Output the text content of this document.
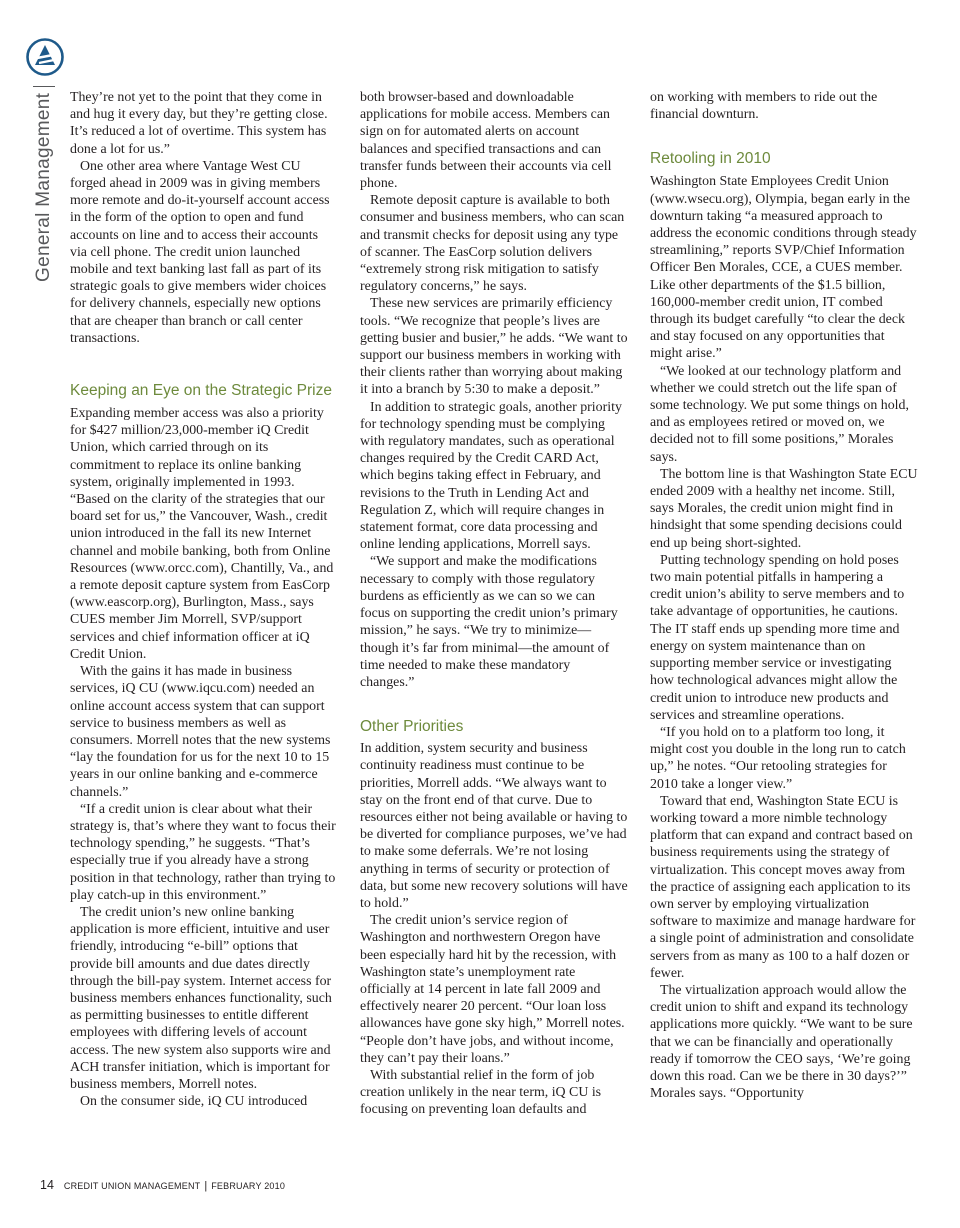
General Management They’re not yet to the point that they come in and hug it every day, but they’re getting close. It’s reduced a lot of overtime. This system has done a lot for us.”

One other area where Vantage West CU forged ahead in 2009 was in giving members more remote and do-it-yourself account access in the form of the option to open and fund accounts on line and to access their accounts via cell phone. The credit union launched mobile and text banking last fall as part of its strategic goals to give members wider choices for delivery channels, especially new options that are cheaper than branch or call center transactions.

Keeping an Eye on the Strategic Prize

Expanding member access was also a priority for $427 million/23,000-member iQ Credit Union, which carried through on its commitment to replace its online banking system, originally implemented in 1993. “Based on the clarity of the strategies that our board set for us,” the Vancouver, Wash., credit union introduced in the fall its new Internet channel and mobile banking, both from Online Resources (www.orcc.com), Chantilly, Va., and a remote deposit capture system from EasCorp (www.eascorp.org), Burlington, Mass., says CUES member Jim Morrell, SVP/support services and chief information officer at iQ Credit Union.

With the gains it has made in business services, iQ CU (www.iqcu.com) needed an online account access system that can support service to business members as well as consumers. Morrell notes that the new systems “lay the foundation for us for the next 10 to 15 years in our online banking and e-commerce channels.”

“If a credit union is clear about what their strategy is, that’s where they want to focus their technology spending,” he suggests. “That’s especially true if you already have a strong position in that technology, rather than trying to play catch-up in this environment.”

The credit union’s new online banking application is more efficient, intuitive and user friendly, introducing “e-bill” options that provide bill amounts and due dates directly through the bill-pay system. Internet access for business members enhances functionality, such as permitting businesses to entitle different employees with differing levels of account access. The new system also supports wire and ACH transfer initiation, which is important for business members, Morrell notes.

On the consumer side, iQ CU introduced

both browser-based and downloadable applications for mobile access. Members can sign on for automated alerts on account balances and specified transactions and can transfer funds between their accounts via cell phone.

Remote deposit capture is available to both consumer and business members, who can scan and transmit checks for deposit using any type of scanner. The EasCorp solution delivers “extremely strong risk mitigation to satisfy regulatory concerns,” he says.

These new services are primarily efficiency tools. “We recognize that people’s lives are getting busier and busier,” he adds. “We want to support our business members in working with their clients rather than worrying about making it into a branch by 5:30 to make a deposit.”

In addition to strategic goals, another priority for technology spending must be complying with regulatory mandates, such as operational changes required by the Credit CARD Act, which begins taking effect in February, and revisions to the Truth in Lending Act and Regulation Z, which will require changes in statement format, core data processing and online lending applications, Morrell says.

“We support and make the modifications necessary to comply with those regulatory burdens as efficiently as we can so we can focus on supporting the credit union’s primary mission,” he says. “We try to minimize—though it’s far from minimal—the amount of time needed to make these mandatory changes.”

Other Priorities

In addition, system security and business continuity readiness must continue to be priorities, Morrell adds. “We always want to stay on the front end of that curve. Due to resources either not being available or having to be diverted for compliance purposes, we’ve had to make some deferrals. We’re not losing anything in terms of security or protection of data, but some new recovery solutions will have to hold.”

The credit union’s service region of Washington and northwestern Oregon have been especially hard hit by the recession, with Washington state’s unemployment rate officially at 14 percent in late fall 2009 and effectively nearer 20 percent. “Our loan loss allowances have gone sky high,” Morrell notes. “People don’t have jobs, and without income, they can’t pay their loans.”

With substantial relief in the form of job creation unlikely in the near term, iQ CU is focusing on preventing loan defaults and

on working with members to ride out the financial downturn.

Retooling in 2010

Washington State Employees Credit Union (www.wsecu.org), Olympia, began early in the downturn taking “a measured approach to address the economic conditions through steady streamlining,” reports SVP/Chief Information Officer Ben Morales, CCE, a CUES member. Like other departments of the $1.5 billion, 160,000-member credit union, IT combed through its budget carefully “to clear the deck and stay focused on any opportunities that might arise.”

“We looked at our technology platform and whether we could stretch out the life span of some technology. We put some things on hold, and as employees retired or moved on, we decided not to fill some positions,” Morales says.

The bottom line is that Washington State ECU ended 2009 with a healthy net income. Still, says Morales, the credit union might find in hindsight that some spending decisions could end up being short-sighted.

Putting technology spending on hold poses two main potential pitfalls in hampering a credit union’s ability to serve members and to take advantage of opportunities, he cautions. The IT staff ends up spending more time and energy on system maintenance than on supporting member service or investigating how technological advances might allow the credit union to introduce new products and services and streamline operations.

“If you hold on to a platform too long, it might cost you double in the long run to catch up,” he notes. “Our retooling strategies for 2010 take a longer view.”

Toward that end, Washington State ECU is working toward a more nimble technology platform that can expand and contract based on business requirements using the strategy of virtualization. This concept moves away from the practice of assigning each application to its own server by employing virtualization software to maximize and manage hardware for a single point of administration and consolidate servers from as many as 100 to a half dozen or fewer.

The virtualization approach would allow the credit union to shift and expand its technology applications more quickly. “We want to be sure that we can be financially and operationally ready if tomorrow the CEO says, ‘We’re going down this road. Can we be there in 30 days?’” Morales says. “Opportunity

14 CREDIT UNION MANAGEMENT | FEBRUARY 2010
